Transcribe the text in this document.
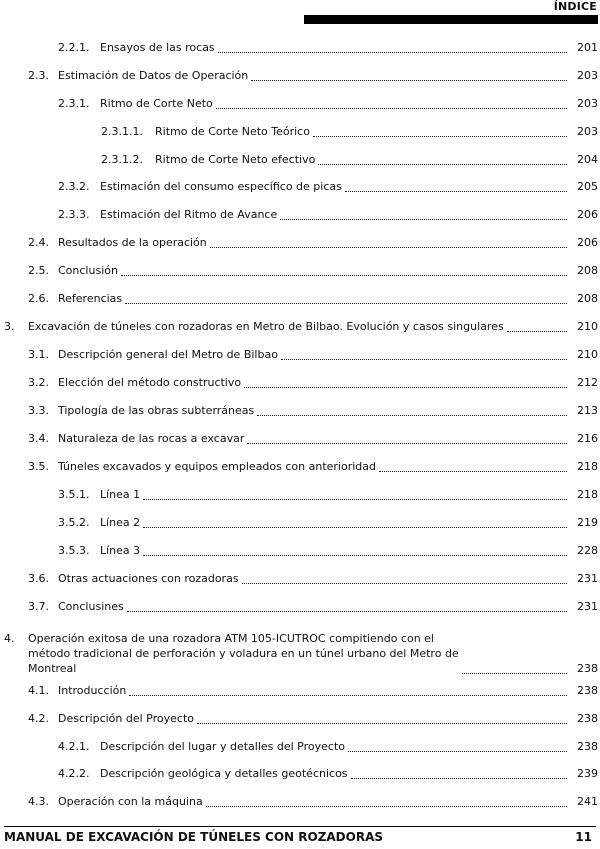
ÍNDICE
2.2.1. Ensayos de las rocas	201
2.3. Estimación de Datos de Operación	203
2.3.1. Ritmo de Corte Neto	203
2.3.1.1. Ritmo de Corte Neto Teórico	203
2.3.1.2. Ritmo de Corte Neto efectivo	204
2.3.2. Estimación del consumo específico de picas	205
2.3.3. Estimación del Ritmo de Avance	206
2.4. Resultados de la operación	206
2.5. Conclusión	208
2.6. Referencias	208
3. Excavación de túneles con rozadoras en Metro de Bilbao. Evolución y casos singulares	210
3.1. Descripción general del Metro de Bilbao	210
3.2. Elección del método constructivo	212
3.3. Tipología de las obras subterráneas	213
3.4. Naturaleza de las rocas a excavar	216
3.5. Túneles excavados y equipos empleados con anterioridad	218
3.5.1. Línea 1	218
3.5.2. Línea 2	219
3.5.3. Línea 3	228
3.6. Otras actuaciones con rozadoras	231
3.7. Conclusines	231
4. Operación exitosa de una rozadora ATM 105-ICUTROC compitiendo con el
método tradicional de perforación y voladura en un túnel urbano del Metro de
Montreal	238
4.1. Introducción	238
4.2. Descripción del Proyecto	238
4.2.1. Descripción del lugar y detalles del Proyecto	238
4.2.2. Descripción geológica y detalles geotécnicos	239
4.3. Operación con la máquina	241
MANUAL DE EXCAVACIÓN DE TÚNELES CON ROZADORAS	11
